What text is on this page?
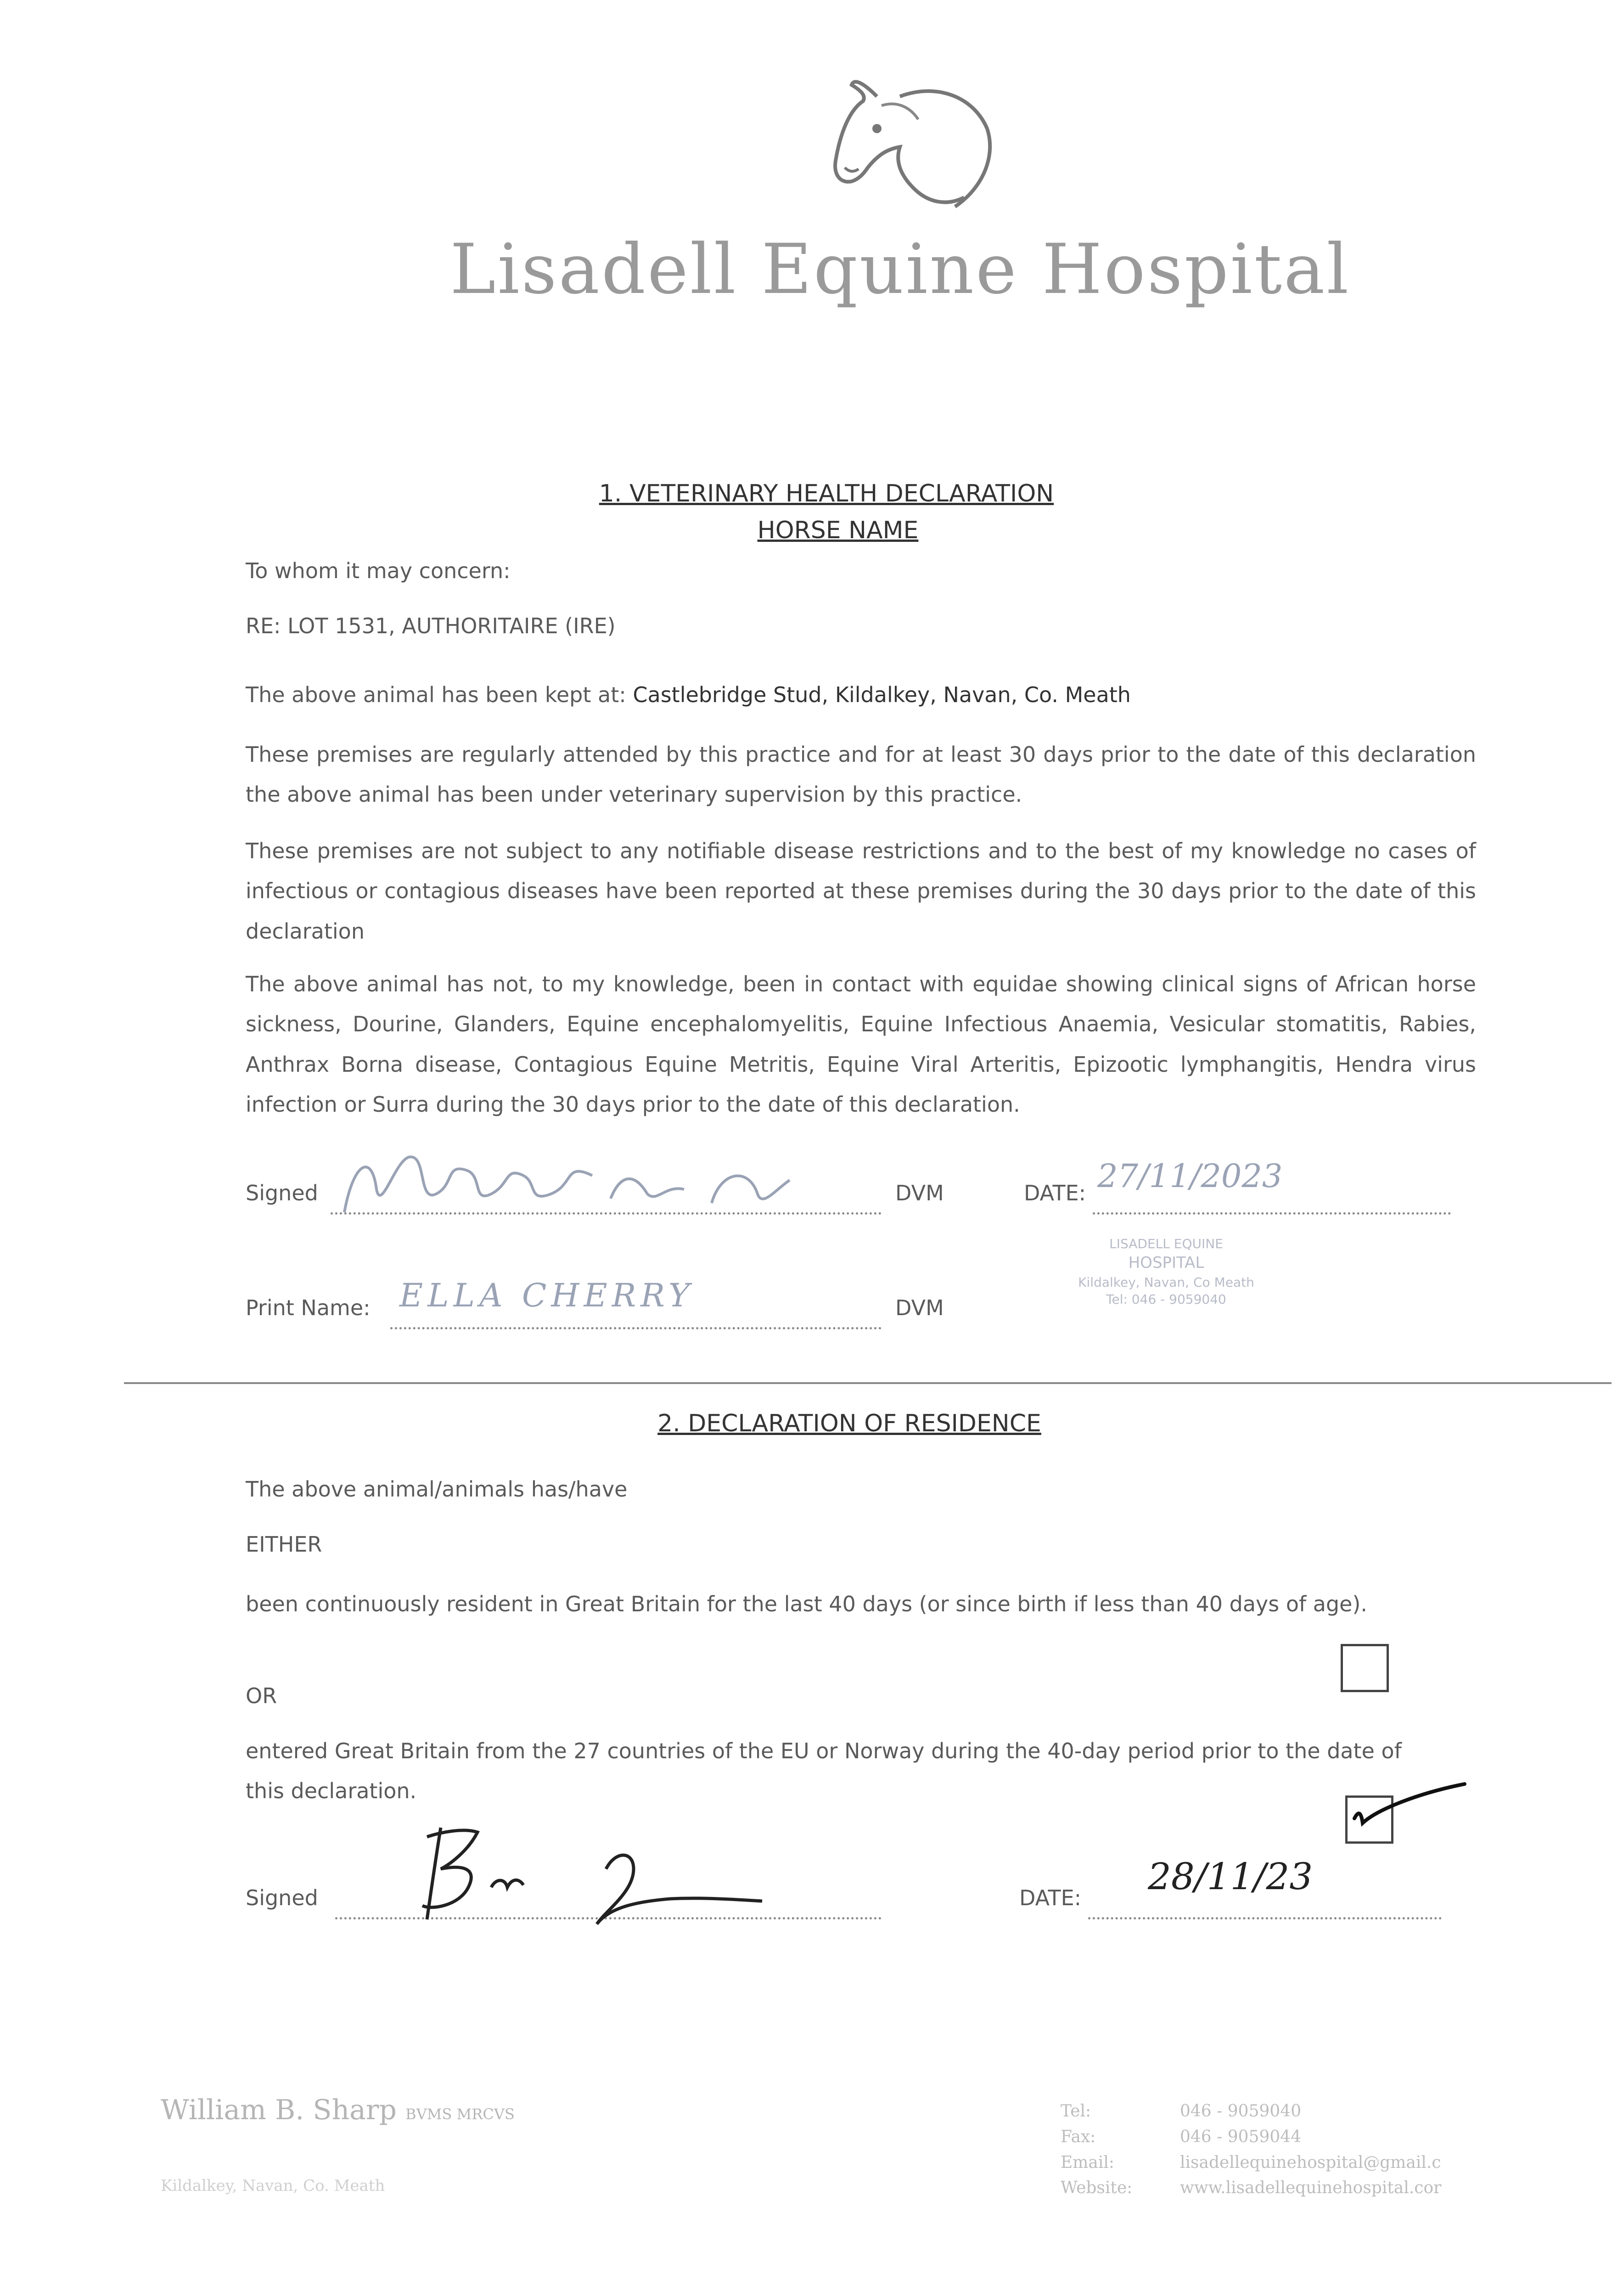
Lisadell Equine Hospital
1. VETERINARY HEALTH DECLARATION
HORSE NAME
To whom it may concern:
RE: LOT 1531, AUTHORITAIRE (IRE)
The above animal has been kept at: Castlebridge Stud, Kildalkey, Navan, Co. Meath
These premises are regularly attended by this practice and for at least 30 days prior to the date of this declaration the above animal has been under veterinary supervision by this practice.
These premises are not subject to any notifiable disease restrictions and to the best of my knowledge no cases of infectious or contagious diseases have been reported at these premises during the 30 days prior to the date of this declaration
The above animal has not, to my knowledge, been in contact with equidae showing clinical signs of African horse sickness, Dourine, Glanders, Equine encephalomyelitis, Equine Infectious Anaemia, Vesicular stomatitis, Rabies, Anthrax Borna disease, Contagious Equine Metritis, Equine Viral Arteritis, Epizootic lymphangitis, Hendra virus infection or Surra during the 30 days prior to the date of this declaration.
Signed	DVM	DATE: 27/11/2023
Print Name: ELLA CHERRY	DVM
LISADELL EQUINE
HOSPITAL
Kildalkey, Navan, Co Meath
Tel: 046 - 9059040
2. DECLARATION OF RESIDENCE
The above animal/animals has/have
EITHER
been continuously resident in Great Britain for the last 40 days (or since birth if less than 40 days of age).
OR
entered Great Britain from the 27 countries of the EU or Norway during the 40-day period prior to the date of this declaration.
Signed	DATE: 28/11/23
William B. Sharp BVMS MRCVS
Kildalkey, Navan, Co. Meath
Tel:	046 - 9059040
Fax:	046 - 9059044
Email:	lisadellequinehospital@gmail.c
Website:	www.lisadellequinehospital.cor
